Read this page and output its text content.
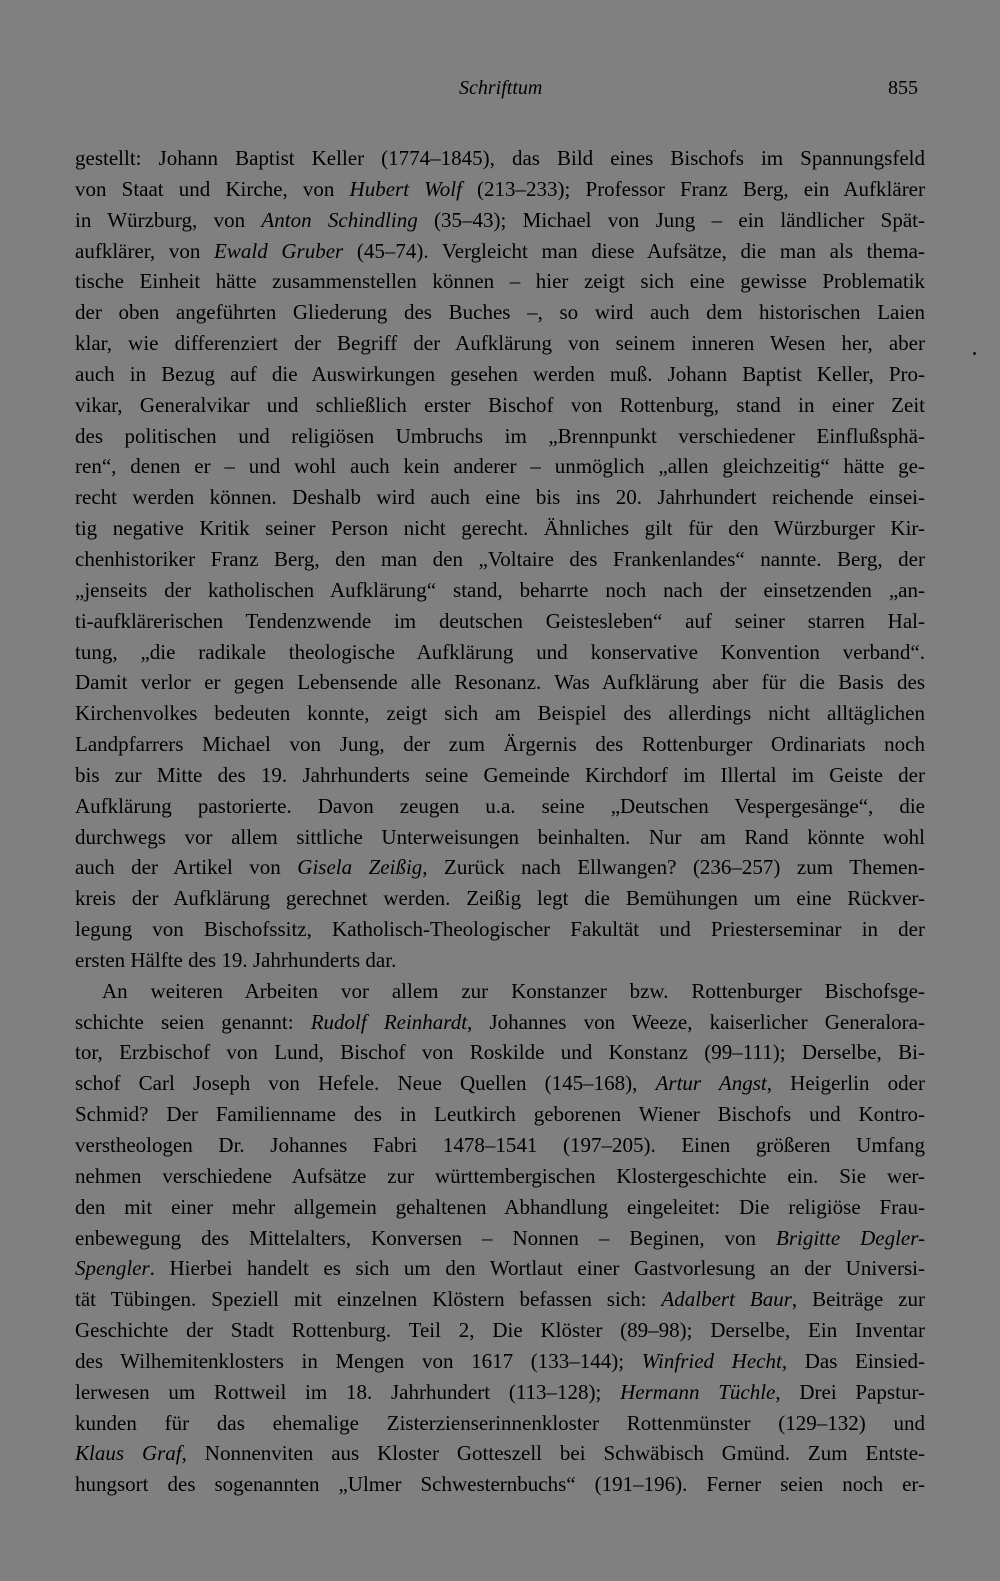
Schrifttum	855
gestellt: Johann Baptist Keller (1774–1845), das Bild eines Bischofs im Spannungsfeld
von Staat und Kirche, von Hubert Wolf (213–233); Professor Franz Berg, ein Aufklärer
in Würzburg, von Anton Schindling (35–43); Michael von Jung – ein ländlicher Spät-
aufklärer, von Ewald Gruber (45–74). Vergleicht man diese Aufsätze, die man als thema-
tische Einheit hätte zusammenstellen können – hier zeigt sich eine gewisse Problematik
der oben angeführten Gliederung des Buches –, so wird auch dem historischen Laien
klar, wie differenziert der Begriff der Aufklärung von seinem inneren Wesen her, aber
auch in Bezug auf die Auswirkungen gesehen werden muß. Johann Baptist Keller, Pro-
vikar, Generalvikar und schließlich erster Bischof von Rottenburg, stand in einer Zeit
des politischen und religiösen Umbruchs im „Brennpunkt verschiedener Einflußsphä-
ren“, denen er – und wohl auch kein anderer – unmöglich „allen gleichzeitig“ hätte ge-
recht werden können. Deshalb wird auch eine bis ins 20. Jahrhundert reichende einsei-
tig negative Kritik seiner Person nicht gerecht. Ähnliches gilt für den Würzburger Kir-
chenhistoriker Franz Berg, den man den „Voltaire des Frankenlandes“ nannte. Berg, der
„jenseits der katholischen Aufklärung“ stand, beharrte noch nach der einsetzenden „an-
ti-aufklärerischen Tendenzwende im deutschen Geistesleben“ auf seiner starren Hal-
tung, „die radikale theologische Aufklärung und konservative Konvention verband“.
Damit verlor er gegen Lebensende alle Resonanz. Was Aufklärung aber für die Basis des
Kirchenvolkes bedeuten konnte, zeigt sich am Beispiel des allerdings nicht alltäglichen
Landpfarrers Michael von Jung, der zum Ärgernis des Rottenburger Ordinariats noch
bis zur Mitte des 19. Jahrhunderts seine Gemeinde Kirchdorf im Illertal im Geiste der
Aufklärung pastorierte. Davon zeugen u.a. seine „Deutschen Vespergesänge“, die
durchwegs vor allem sittliche Unterweisungen beinhalten. Nur am Rand könnte wohl
auch der Artikel von Gisela Zeißig, Zurück nach Ellwangen? (236–257) zum Themen-
kreis der Aufklärung gerechnet werden. Zeißig legt die Bemühungen um eine Rückver-
legung von Bischofssitz, Katholisch-Theologischer Fakultät und Priesterseminar in der
ersten Hälfte des 19. Jahrhunderts dar.
An weiteren Arbeiten vor allem zur Konstanzer bzw. Rottenburger Bischofsge-
schichte seien genannt: Rudolf Reinhardt, Johannes von Weeze, kaiserlicher Generalora-
tor, Erzbischof von Lund, Bischof von Roskilde und Konstanz (99–111); Derselbe, Bi-
schof Carl Joseph von Hefele. Neue Quellen (145–168), Artur Angst, Heigerlin oder
Schmid? Der Familienname des in Leutkirch geborenen Wiener Bischofs und Kontro-
verstheologen Dr. Johannes Fabri 1478–1541 (197–205). Einen größeren Umfang
nehmen verschiedene Aufsätze zur württembergischen Klostergeschichte ein. Sie wer-
den mit einer mehr allgemein gehaltenen Abhandlung eingeleitet: Die religiöse Frau-
enbewegung des Mittelalters, Konversen – Nonnen – Beginen, von Brigitte Degler-
Spengler. Hierbei handelt es sich um den Wortlaut einer Gastvorlesung an der Universi-
tät Tübingen. Speziell mit einzelnen Klöstern befassen sich: Adalbert Baur, Beiträge zur
Geschichte der Stadt Rottenburg. Teil 2, Die Klöster (89–98); Derselbe, Ein Inventar
des Wilhemitenklosters in Mengen von 1617 (133–144); Winfried Hecht, Das Einsied-
lerwesen um Rottweil im 18. Jahrhundert (113–128); Hermann Tüchle, Drei Papstur-
kunden für das ehemalige Zisterzienserinnenkloster Rottenmünster (129–132) und
Klaus Graf, Nonnenviten aus Kloster Gotteszell bei Schwäbisch Gmünd. Zum Entste-
hungsort des sogenannten „Ulmer Schwesternbuchs“ (191–196). Ferner seien noch er-
